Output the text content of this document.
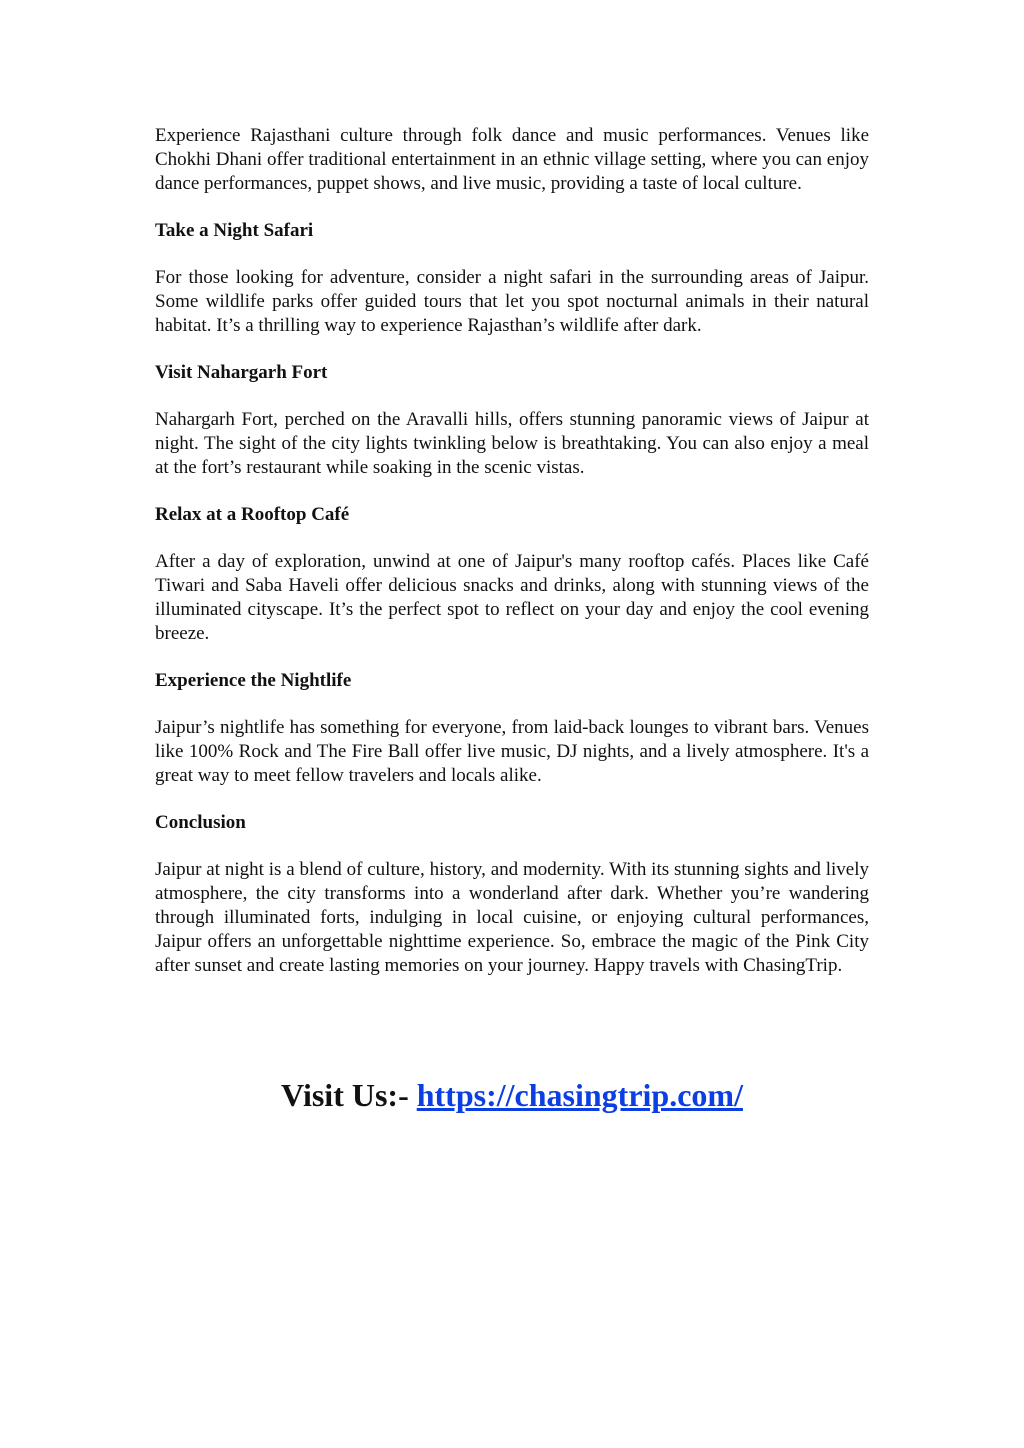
Experience Rajasthani culture through folk dance and music performances. Venues like Chokhi Dhani offer traditional entertainment in an ethnic village setting, where you can enjoy dance performances, puppet shows, and live music, providing a taste of local culture.

Take a Night Safari

For those looking for adventure, consider a night safari in the surrounding areas of Jaipur. Some wildlife parks offer guided tours that let you spot nocturnal animals in their natural habitat. It’s a thrilling way to experience Rajasthan’s wildlife after dark.

Visit Nahargarh Fort

Nahargarh Fort, perched on the Aravalli hills, offers stunning panoramic views of Jaipur at night. The sight of the city lights twinkling below is breathtaking. You can also enjoy a meal at the fort’s restaurant while soaking in the scenic vistas.

Relax at a Rooftop Café

After a day of exploration, unwind at one of Jaipur's many rooftop cafés. Places like Café Tiwari and Saba Haveli offer delicious snacks and drinks, along with stunning views of the illuminated cityscape. It’s the perfect spot to reflect on your day and enjoy the cool evening breeze.

Experience the Nightlife

Jaipur’s nightlife has something for everyone, from laid-back lounges to vibrant bars. Venues like 100% Rock and The Fire Ball offer live music, DJ nights, and a lively atmosphere. It's a great way to meet fellow travelers and locals alike.

Conclusion

Jaipur at night is a blend of culture, history, and modernity. With its stunning sights and lively atmosphere, the city transforms into a wonderland after dark. Whether you’re wandering through illuminated forts, indulging in local cuisine, or enjoying cultural performances, Jaipur offers an unforgettable nighttime experience. So, embrace the magic of the Pink City after sunset and create lasting memories on your journey. Happy travels with ChasingTrip.

Visit Us:- https://chasingtrip.com/
